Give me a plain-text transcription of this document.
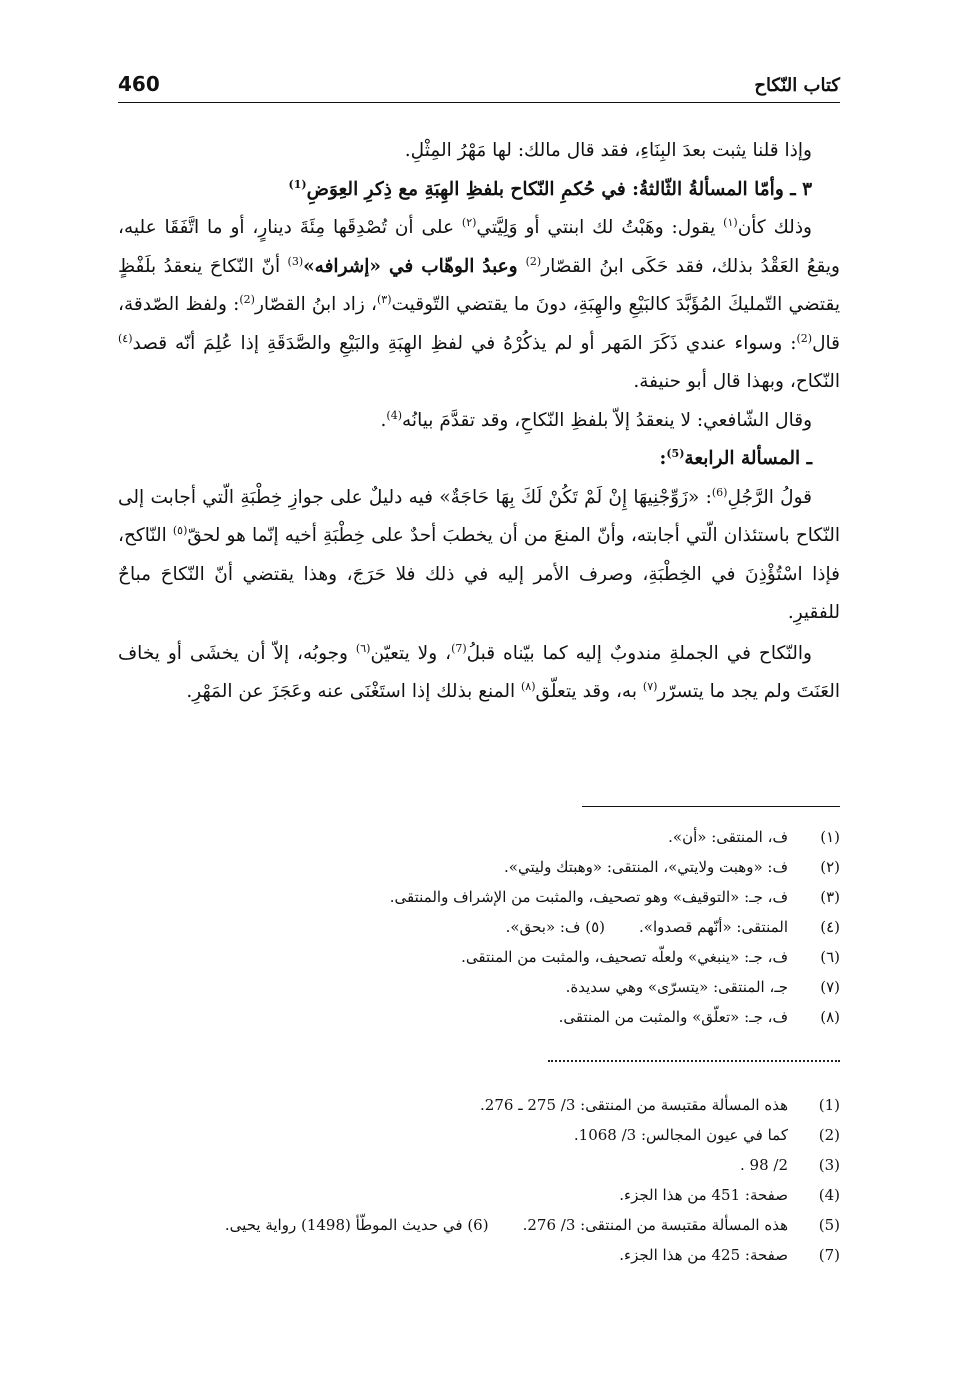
كتاب النّكاح
460

وإذا قلنا يثبت بعدَ البِنَاءِ، فقد قال مالك: لها مَهْرُ المِثْلِ.

٣ ـ وأمّا المسألةُ الثّالثةُ: في حُكمِ النّكاح بلفظِ الهِبَةِ مع ذِكرِ العِوَضِ$^{(1)}$

وذلك كأن$^{(١)}$ يقول: وهَبْتُ لك ابنتي أو وَلِيَّتي$^{(٢)}$ على أن تُصْدِقَها مِئَةَ دينارٍ، أو ما اتَّفَقَا عليه، ويقعُ العَقْدُ بذلك، فقد حَكَى ابنُ القصّار$^{(2)}$ وعبدُ الوهّاب في «إشرافه»$^{(3)}$ أنّ النّكاحَ ينعقدُ بلَفْظٍ يقتضي التّمليكَ المُؤَبَّدَ كالبَيْعِ والهِبَةِ، دونَ ما يقتضي التّوقيت$^{(٣)}$، زاد ابنُ القصّار$^{(2)}$: ولفظ الصّدقة، قال$^{(2)}$: وسواء عندي ذَكَرَ المَهر أو لم يذكُرْهُ في لفظِ الهِبَةِ والبَيْعِ والصَّدَقَةِ إذا عُلِمَ أنّه قصد$^{(٤)}$ النّكاح، وبهذا قال أبو حنيفة.

وقال الشّافعي: لا ينعقدُ إلاّ بلفظِ النّكاحِ، وقد تقدَّمَ بيانُه$^{(4)}$.

ـ المسألة الرابعة$^{(5)}$:

قولُ الرَّجُلِ$^{(6)}$: «زَوِّجْنِيهَا إِنْ لَمْ تَكُنْ لَكَ بِهَا حَاجَةٌ» فيه دليلٌ على جوازِ خِطْبَةِ الّتي أجابت إلى النّكاح باستئذان الّتي أجابته، وأنّ المنعَ من أن يخطبَ أحدٌ على خِطْبَةِ أخيه إنّما هو لحقّ$^{(٥)}$ النّاكح، فإذا اسْتُؤْذِنَ في الخِطْبَةِ، وصرف الأمر إليه في ذلك فلا حَرَجَ، وهذا يقتضي أنّ النّكاحَ مباحٌ للفقيرِ.

والنّكاح في الجملةِ مندوبٌ إليه كما بيّناه قبلُ$^{(7)}$، ولا يتعيّن$^{(٦)}$ وجوبُه، إلاّ أن يخشَى أو يخاف العَنَتَ ولم يجد ما يتسرّر$^{(٧)}$ به، وقد يتعلّق$^{(٨)}$ المنع بذلك إذا استَغْنَى عنه وعَجَزَ عن المَهْرِ.

(١)
ف، المنتقى: «أن».
(٢)
ف: «وهبت ولايتي»، المنتقى: «وهبتك وليتي».
(٣)
ف، جـ: «التوقيف» وهو تصحيف، والمثبت من الإشراف والمنتقى.
(٤)
المنتقى: «أنّهم قصدوا».(٥) ف: «بحق».
(٦)
ف، جـ: «ينبغي» ولعلّه تصحيف، والمثبت من المنتقى.
(٧)
جـ، المنتقى: «يتسرّى» وهي سديدة.
(٨)
ف، جـ: «تعلّق» والمثبت من المنتقى.
(1)
هذه المسألة مقتبسة من المنتقى: 3/ 275 ـ 276.
(2)
كما في عيون المجالس: 3/ 1068.
(3)
2/ 98 .
(4)
صفحة: 451 من هذا الجزء.
(5)
هذه المسألة مقتبسة من المنتقى: 3/ 276.(6) في حديث الموطّأ (1498) رواية يحيى.
(7)
صفحة: 425 من هذا الجزء.
